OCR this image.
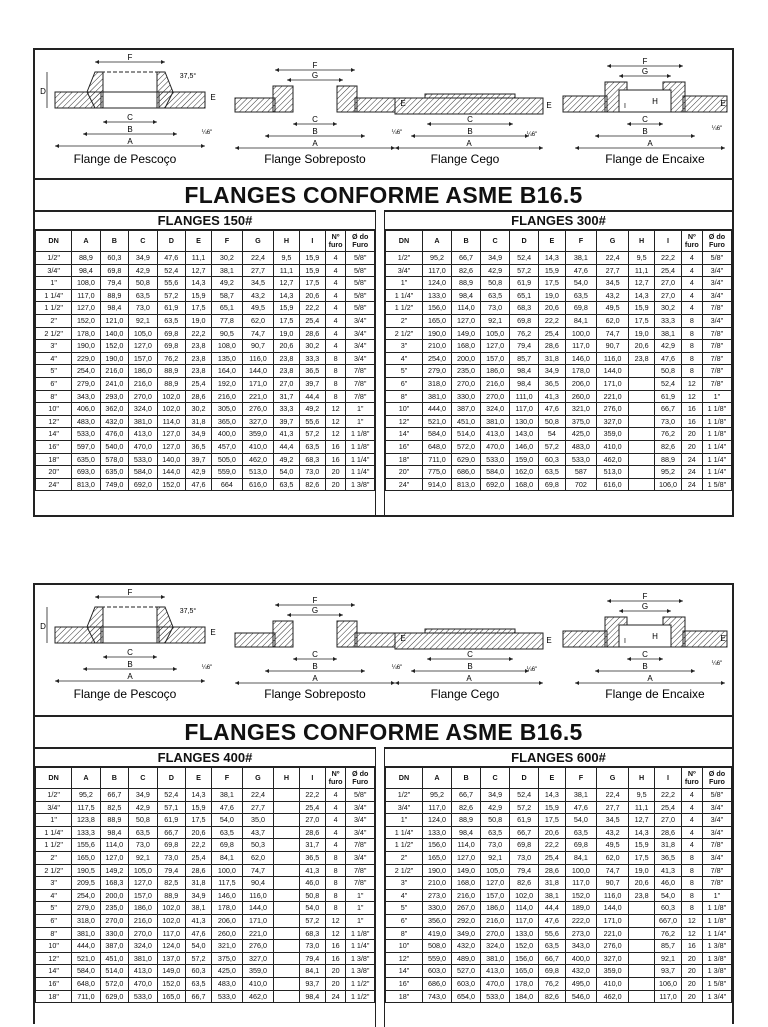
F
37,5°
D
E
C
B
A
¼6"
Flange de Pescoço
F
G
C
B
A
¼6"
Flange Sobreposto
E
C
B
A
¼6"
Flange Cego
F
G
H
I	E
C
B
A
¼6"
Flange de Encaixe
FLANGES CONFORME ASME B16.5
FLANGES 150#
DN	A	B	C	D	E	F	G	H	I	Nº furo	Ø do Furo
1/2"	88,9	60,3	34,9	47,6	11,1	30,2	22,4	9,5	15,9	4	5/8"
3/4"	98,4	69,8	42,9	52,4	12,7	38,1	27,7	11,1	15,9	4	5/8"
1"	108,0	79,4	50,8	55,6	14,3	49,2	34,5	12,7	17,5	4	5/8"
1 1/4"	117,0	88,9	63,5	57,2	15,9	58,7	43,2	14,3	20,6	4	5/8"
1 1/2"	127,0	98,4	73,0	61,9	17,5	65,1	49,5	15,9	22,2	4	5/8"
2"	152,0	121,0	92,1	63,5	19,0	77,8	62,0	17,5	25,4	4	3/4"
2 1/2"	178,0	140,0	105,0	69,8	22,2	90,5	74,7	19,0	28,6	4	3/4"
3"	190,0	152,0	127,0	69,8	23,8	108,0	90,7	20,6	30,2	4	3/4"
4"	229,0	190,0	157,0	76,2	23,8	135,0	116,0	23,8	33,3	8	3/4"
5"	254,0	216,0	186,0	88,9	23,8	164,0	144,0	23,8	36,5	8	7/8"
6"	279,0	241,0	216,0	88,9	25,4	192,0	171,0	27,0	39,7	8	7/8"
8"	343,0	293,0	270,0	102,0	28,6	216,0	221,0	31,7	44,4	8	7/8"
10"	406,0	362,0	324,0	102,0	30,2	305,0	276,0	33,3	49,2	12	1"
12"	483,0	432,0	381,0	114,0	31,8	365,0	327,0	39,7	55,6	12	1"
14"	533,0	476,0	413,0	127,0	34,9	400,0	359,0	41,3	57,2	12	1 1/8"
16"	597,0	540,0	470,0	127,0	36,5	457,0	410,0	44,4	63,5	16	1 1/8"
18"	635,0	578,0	533,0	140,0	39,7	505,0	462,0	49,2	68,3	16	1 1/4"
20"	693,0	635,0	584,0	144,0	42,9	559,0	513,0	54,0	73,0	20	1 1/4"
24"	813,0	749,0	692,0	152,0	47,6	664	616,0	63,5	82,6	20	1 3/8"
FLANGES 300#
DN	A	B	C	D	E	F	G	H	I	Nº furo	Ø do Furo
1/2"	95,2	66,7	34,9	52,4	14,3	38,1	22,4	9,5	22,2	4	5/8"
3/4"	117,0	82,6	42,9	57,2	15,9	47,6	27,7	11,1	25,4	4	3/4"
1"	124,0	88,9	50,8	61,9	17,5	54,0	34,5	12,7	27,0	4	3/4"
1 1/4"	133,0	98,4	63,5	65,1	19,0	63,5	43,2	14,3	27,0	4	3/4"
1 1/2"	156,0	114,0	73,0	68,3	20,6	69,8	49,5	15,9	30,2	4	7/8"
2"	165,0	127,0	92,1	69,8	22,2	84,1	62,0	17,5	33,3	8	3/4"
2 1/2"	190,0	149,0	105,0	76,2	25,4	100,0	74,7	19,0	38,1	8	7/8"
3"	210,0	168,0	127,0	79,4	28,6	117,0	90,7	20,6	42,9	8	7/8"
4"	254,0	200,0	157,0	85,7	31,8	146,0	116,0	23,8	47,6	8	7/8"
5"	279,0	235,0	186,0	98,4	34,9	178,0	144,0		50,8	8	7/8"
6"	318,0	270,0	216,0	98,4	36,5	206,0	171,0		52,4	12	7/8"
8"	381,0	330,0	270,0	111,0	41,3	260,0	221,0		61,9	12	1"
10"	444,0	387,0	324,0	117,0	47,6	321,0	276,0		66,7	16	1 1/8"
12"	521,0	451,0	381,0	130,0	50,8	375,0	327,0		73,0	16	1 1/8"
14"	584,0	514,0	413,0	143,0	54	425,0	359,0		76,2	20	1 1/8"
16"	648,0	572,0	470,0	146,0	57,2	483,0	410,0		82,6	20	1 1/4"
18"	711,0	629,0	533,0	159,0	60,3	533,0	462,0		88,9	24	1 1/4"
20"	775,0	686,0	584,0	162,0	63,5	587	513,0		95,2	24	1 1/4"
24"	914,0	813,0	692,0	168,0	69,8	702	616,0		106,0	24	1 5/8"
F
37,5°
D
E
C
B
A
¼6"
Flange de Pescoço
F
G
C
B
A
¼6"
Flange Sobreposto
E
C
B
A
¼6"
Flange Cego
F
G
H
I	E
C
B
A
¼6"
Flange de Encaixe
FLANGES CONFORME ASME B16.5
FLANGES 400#
DN	A	B	C	D	E	F	G	H	I	Nº furo	Ø do Furo
1/2"	95,2	66,7	34,9	52,4	14,3	38,1	22,4		22,2	4	5/8"
3/4"	117,5	82,5	42,9	57,1	15,9	47,6	27,7		25,4	4	3/4"
1"	123,8	88,9	50,8	61,9	17,5	54,0	35,0		27,0	4	3/4"
1 1/4"	133,3	98,4	63,5	66,7	20,6	63,5	43,7		28,6	4	3/4"
1 1/2"	155,6	114,0	73,0	69,8	22,2	69,8	50,3		31,7	4	7/8"
2"	165,0	127,0	92,1	73,0	25,4	84,1	62,0		36,5	8	3/4"
2 1/2"	190,5	149,2	105,0	79,4	28,6	100,0	74,7		41,3	8	7/8"
3"	209,5	168,3	127,0	82,5	31,8	117,5	90,4		46,0	8	7/8"
4"	254,0	200,0	157,0	88,9	34,9	146,0	116,0		50,8	8	1"
5"	279,0	235,0	186,0	102,0	38,1	178,0	144,0		54,0	8	1"
6"	318,0	270,0	216,0	102,0	41,3	206,0	171,0		57,2	12	1"
8"	381,0	330,0	270,0	117,0	47,6	260,0	221,0		68,3	12	1 1/8"
10"	444,0	387,0	324,0	124,0	54,0	321,0	276,0		73,0	16	1 1/4"
12"	521,0	451,0	381,0	137,0	57,2	375,0	327,0		79,4	16	1 3/8"
14"	584,0	514,0	413,0	149,0	60,3	425,0	359,0		84,1	20	1 3/8"
16"	648,0	572,0	470,0	152,0	63,5	483,0	410,0		93,7	20	1 1/2"
18"	711,0	629,0	533,0	165,0	66,7	533,0	462,0		98,4	24	1 1/2"
FLANGES 600#
DN	A	B	C	D	E	F	G	H	I	Nº furo	Ø do Furo
1/2"	95,2	66,7	34,9	52,4	14,3	38,1	22,4	9,5	22,2	4	5/8"
3/4"	117,0	82,6	42,9	57,2	15,9	47,6	27,7	11,1	25,4	4	3/4"
1"	124,0	88,9	50,8	61,9	17,5	54,0	34,5	12,7	27,0	4	3/4"
1 1/4"	133,0	98,4	63,5	66,7	20,6	63,5	43,2	14,3	28,6	4	3/4"
1 1/2"	156,0	114,0	73,0	69,8	22,2	69,8	49,5	15,9	31,8	4	7/8"
2"	165,0	127,0	92,1	73,0	25,4	84,1	62,0	17,5	36,5	8	3/4"
2 1/2"	190,0	149,0	105,0	79,4	28,6	100,0	74,7	19,0	41,3	8	7/8"
3"	210,0	168,0	127,0	82,6	31,8	117,0	90,7	20,6	46,0	8	7/8"
4"	273,0	216,0	157,0	102,0	38,1	152,0	116,0	23,8	54,0	8	1"
5"	330,0	267,0	186,0	114,0	44,4	189,0	144,0		60,3	8	1 1/8"
6"	356,0	292,0	216,0	117,0	47,6	222,0	171,0		667,0	12	1 1/8"
8"	419,0	349,0	270,0	133,0	55,6	273,0	221,0		76,2	12	1 1/4"
10"	508,0	432,0	324,0	152,0	63,5	343,0	276,0		85,7	16	1 3/8"
12"	559,0	489,0	381,0	156,0	66,7	400,0	327,0		92,1	20	1 3/8"
14"	603,0	527,0	413,0	165,0	69,8	432,0	359,0		93,7	20	1 3/8"
16"	686,0	603,0	470,0	178,0	76,2	495,0	410,0		106,0	20	1 5/8"
18"	743,0	654,0	533,0	184,0	82,6	546,0	462,0		117,0	20	1 3/4"
